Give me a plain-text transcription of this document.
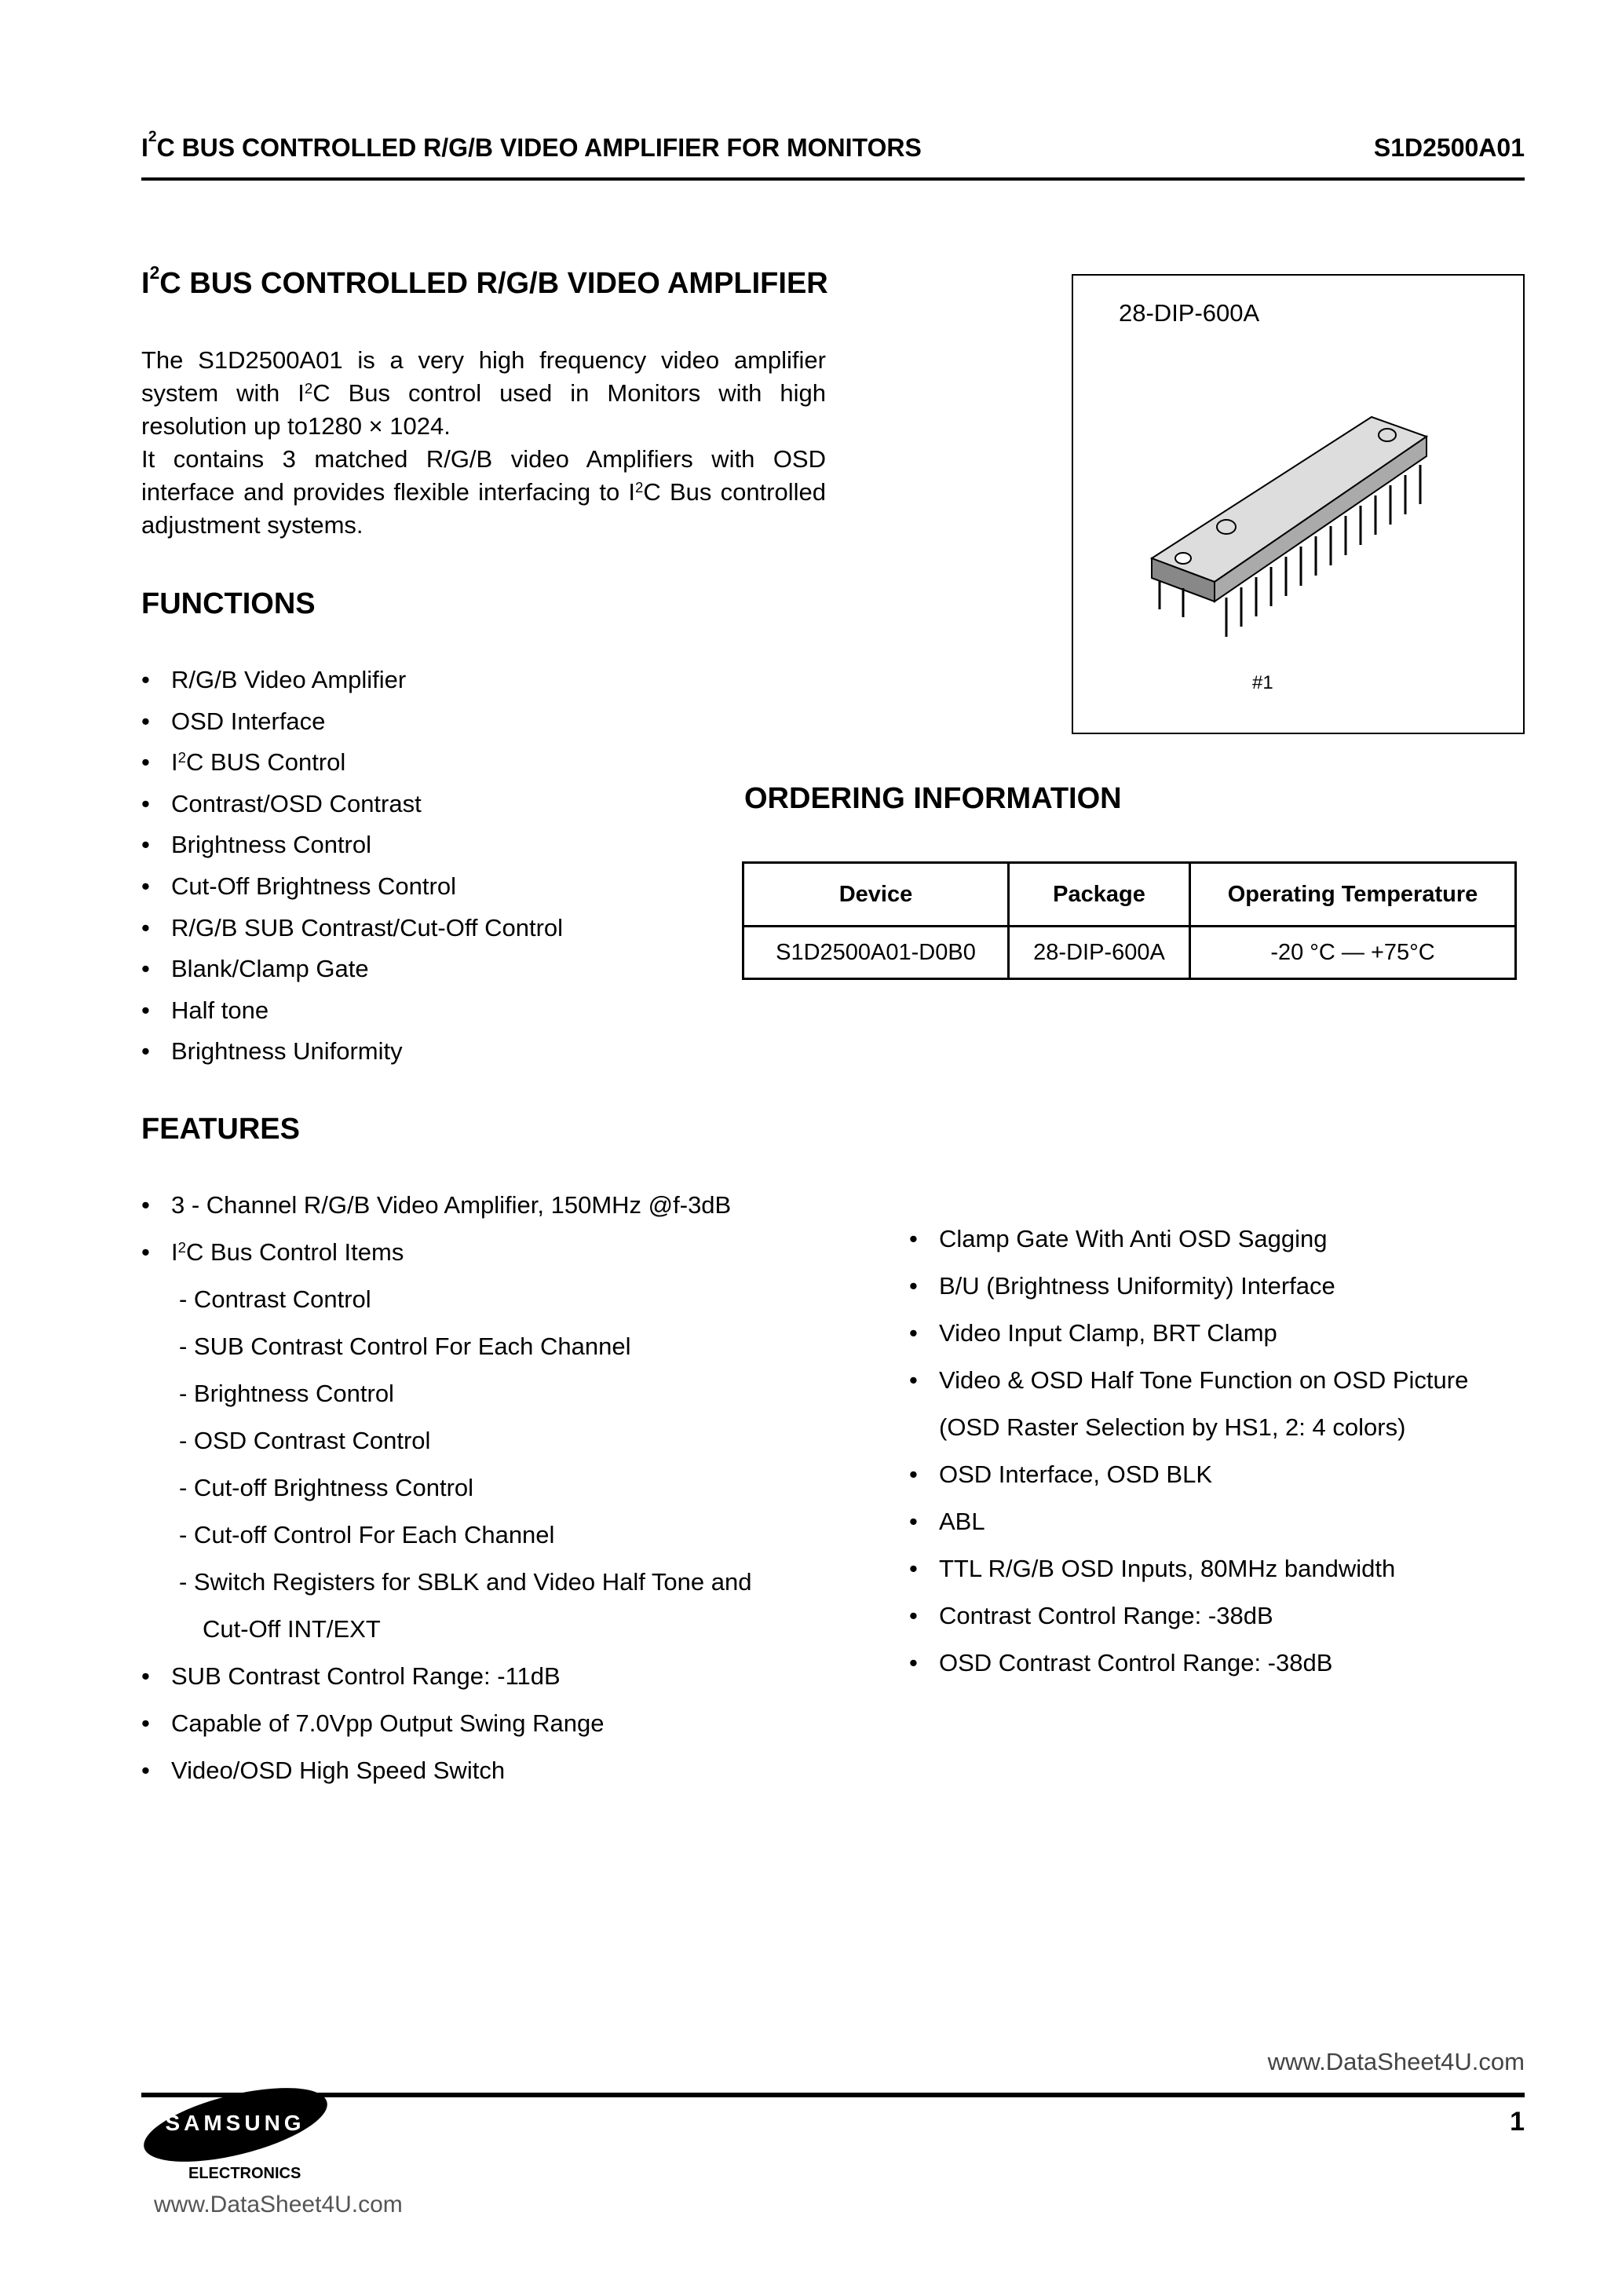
$I^2C$ BUS CONTROLLED R/G/B VIDEO AMPLIFIER FOR MONITORS	S1D2500A01
$I^2C$ BUS CONTROLLED R/G/B VIDEO AMPLIFIER

The S1D2500A01 is a very high frequency video amplifier system with $I^2C$ Bus control used in Monitors with high resolution up to1280 × 1024.

It contains 3 matched R/G/B video Amplifiers with OSD interface and provides flexible interfacing to $I^2C$ Bus controlled adjustment systems.

28-DIP-600A
#1
FUNCTIONS
• R/G/B Video Amplifier
• OSD Interface
• $I^2C$ BUS Control
• Contrast/OSD Contrast
• Brightness Control
• Cut-Off Brightness Control
• R/G/B SUB Contrast/Cut-Off Control
• Blank/Clamp Gate
• Half tone
• Brightness Uniformity
ORDERING INFORMATION
Device	Package	Operating Temperature
S1D2500A01-D0B0	28-DIP-600A	-20 °C — +75°C
FEATURES
• 3 - Channel R/G/B Video Amplifier, 150MHz @f-3dB
• $I^2C$ Bus Control Items
- Contrast Control
- SUB Contrast Control For Each Channel
- Brightness Control
- OSD Contrast Control
- Cut-off Brightness Control
- Cut-off Control For Each Channel
- Switch Registers for SBLK and Video Half Tone and
Cut-Off INT/EXT
• SUB Contrast Control Range: -11dB
• Capable of 7.0Vpp Output Swing Range
• Video/OSD High Speed Switch
• Clamp Gate With Anti OSD Sagging
• B/U (Brightness Uniformity) Interface
• Video Input Clamp, BRT Clamp
• Video & OSD Half Tone Function on OSD Picture
(OSD Raster Selection by HS1, 2: 4 colors)
• OSD Interface, OSD BLK
• ABL
• TTL R/G/B OSD Inputs, 80MHz bandwidth
• Contrast Control Range: -38dB
• OSD Contrast Control Range: -38dB
www.DataSheet4U.com
1
SAMSUNG
ELECTRONICS
www.DataSheet4U.com
